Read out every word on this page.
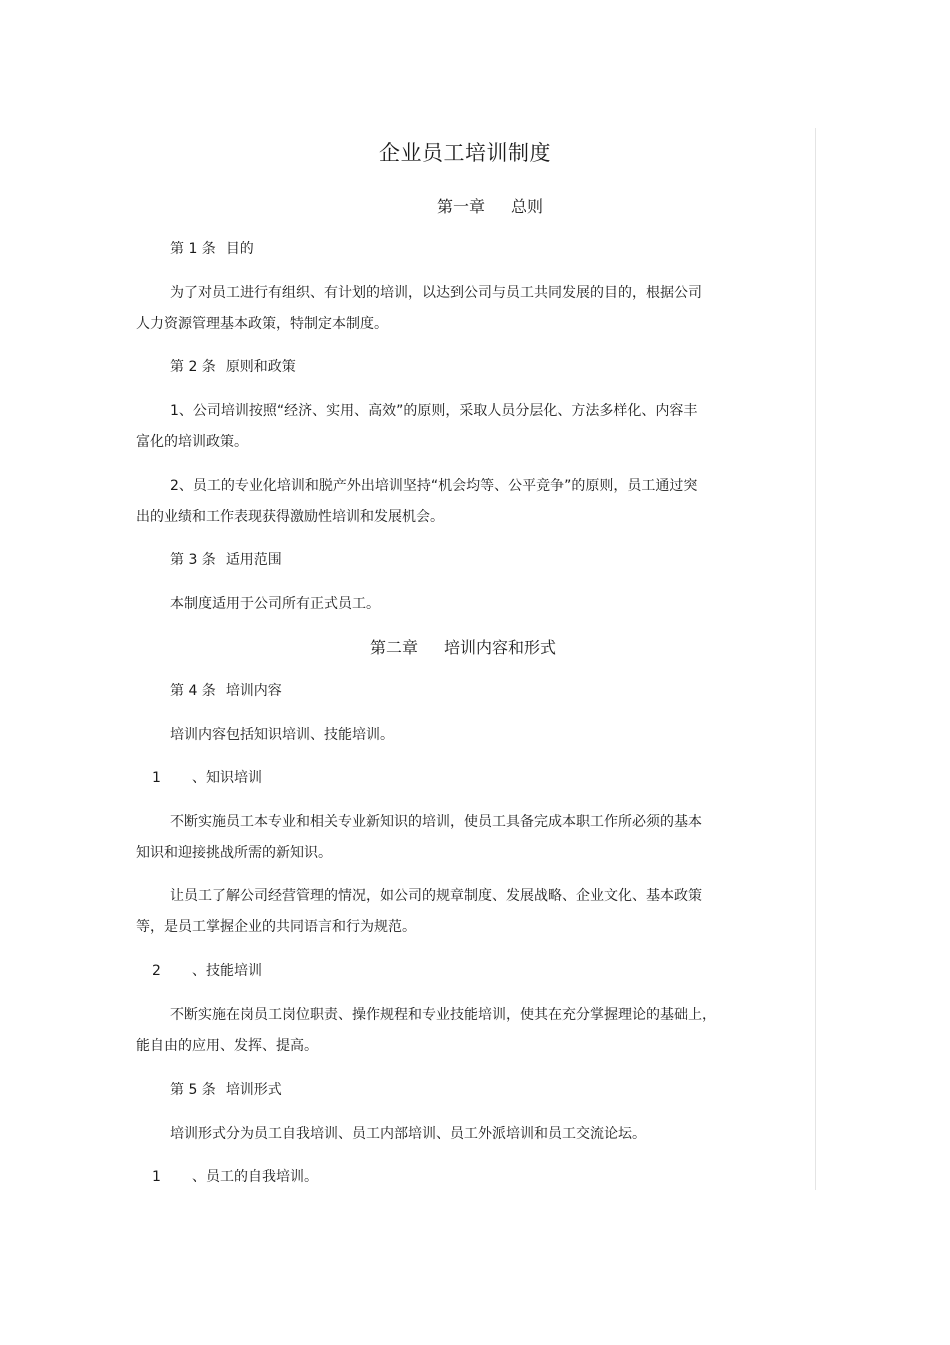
企业员工培训制度
第一章 总则
第 1 条 目的
为了对员工进行有组织、有计划的培训，以达到公司与员工共同发展的目的，根据公司
人力资源管理基本政策，特制定本制度。
第 2 条 原则和政策
1、公司培训按照“经济、实用、高效”的原则，采取人员分层化、方法多样化、内容丰
富化的培训政策。
2、员工的专业化培训和脱产外出培训坚持“机会均等、公平竞争”的原则，员工通过突
出的业绩和工作表现获得激励性培训和发展机会。
第 3 条 适用范围
本制度适用于公司所有正式员工。
第二章 培训内容和形式
第 4 条 培训内容
培训内容包括知识培训、技能培训。
1 、知识培训
不断实施员工本专业和相关专业新知识的培训，使员工具备完成本职工作所必须的基本
知识和迎接挑战所需的新知识。
让员工了解公司经营管理的情况，如公司的规章制度、发展战略、企业文化、基本政策
等，是员工掌握企业的共同语言和行为规范。
2 、技能培训
不断实施在岗员工岗位职责、操作规程和专业技能培训，使其在充分掌握理论的基础上，
能自由的应用、发挥、提高。
第 5 条 培训形式
培训形式分为员工自我培训、员工内部培训、员工外派培训和员工交流论坛。
1 、员工的自我培训。
